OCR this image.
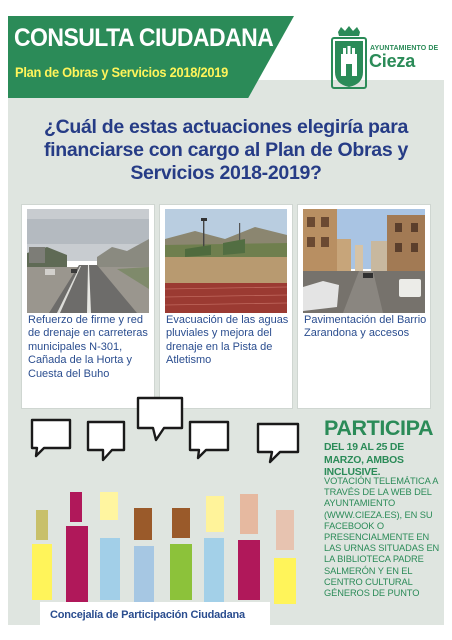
CONSULTA CIUDADANA
Plan de Obras y Servicios 2018/2019
AYUNTAMIENTO DE
Cieza
¿Cuál de estas actuaciones elegiría para financiarse con cargo al Plan de Obras y Servicios 2018-2019?
Refuerzo de firme y red de drenaje en carreteras municipales N-301, Cañada de la Horta y Cuesta del Buho
Evacuación de las aguas pluviales y mejora del drenaje en la Pista de Atletismo
Pavimentación del Barrio Zarandona y accesos
Concejalía de Participación Ciudadana
PARTICIPA
DEL 19 AL 25 DE MARZO, AMBOS INCLUSIVE.
VOTACIÓN TELEMÁTICA A TRAVÉS DE LA WEB DEL AYUNTAMIENTO (WWW.CIEZA.ES), EN SU FACEBOOK O PRESENCIALMENTE EN LAS URNAS SITUADAS EN LA BIBLIOTECA PADRE SALMERÓN Y EN EL CENTRO CULTURAL GÉNEROS DE PUNTO
